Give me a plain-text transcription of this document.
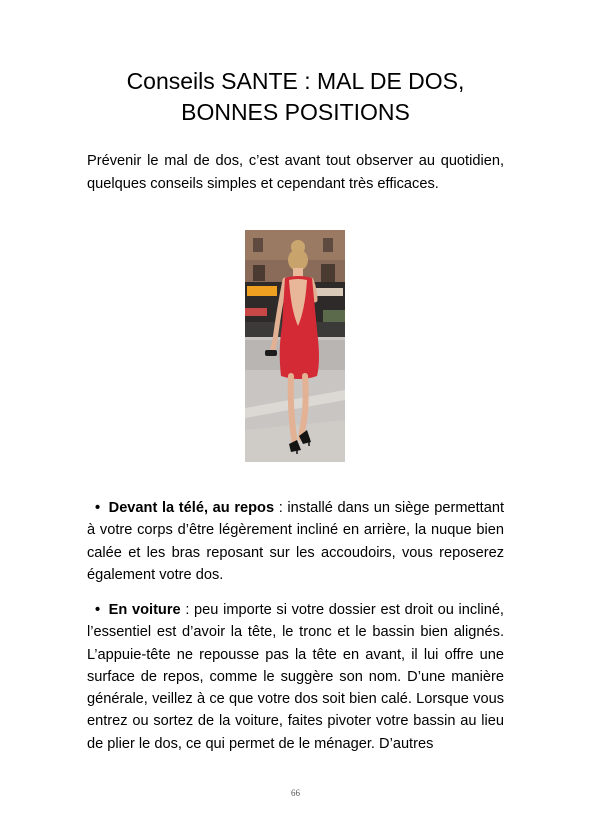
Conseils SANTE : MAL DE DOS,
BONNES POSITIONS

Prévenir le mal de dos, c’est avant tout observer au quotidien, quelques conseils simples et cependant très efficaces.

• Devant la télé, au repos : installé dans un siège permettant à votre corps d’être légèrement incliné en arrière, la nuque bien calée et les bras reposant sur les accoudoirs, vous reposerez également votre dos.

• En voiture : peu importe si votre dossier est droit ou incliné, l’essentiel est d’avoir la tête, le tronc et le bassin bien alignés. L’appuie-tête ne repousse pas la tête en avant, il lui offre une surface de repos, comme le suggère son nom. D’une manière générale, veillez à ce que votre dos soit bien calé. Lorsque vous entrez ou sortez de la voiture, faites pivoter votre bassin au lieu de plier le dos, ce qui permet de le ménager. D’autres

66
